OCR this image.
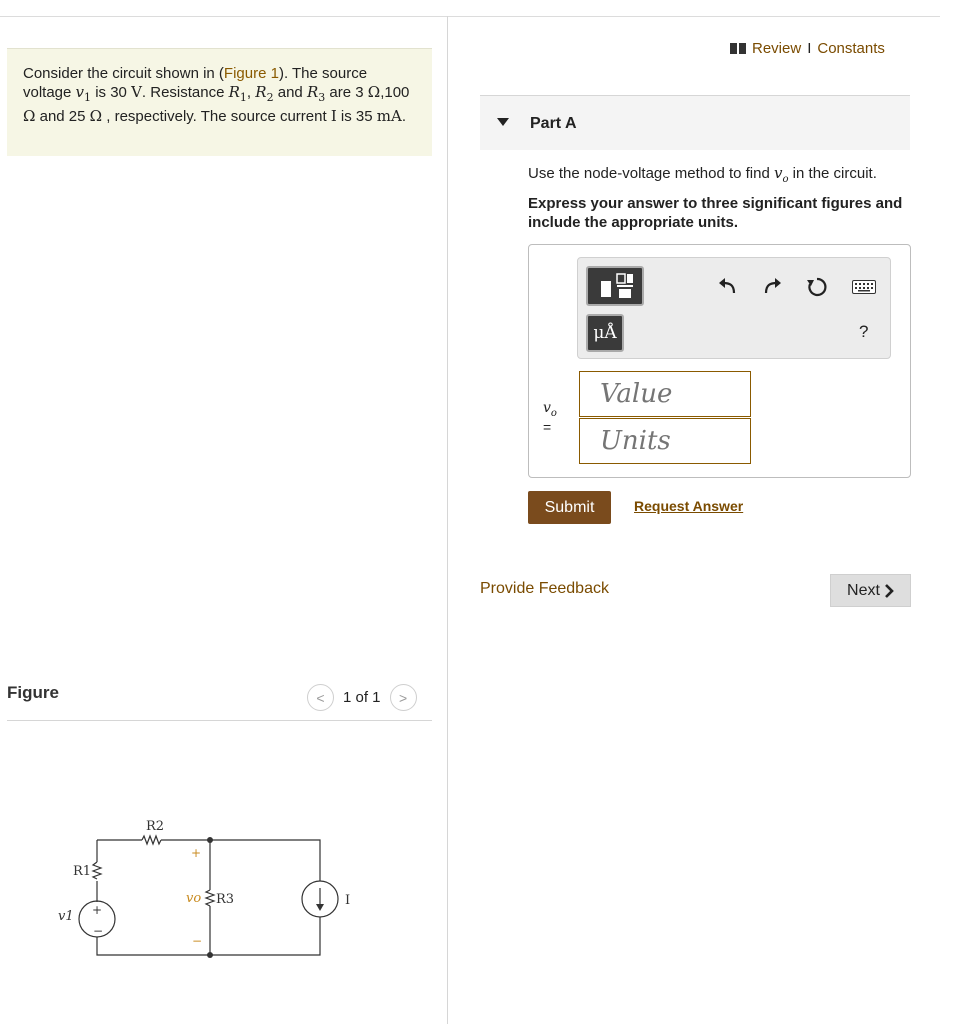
Consider the circuit shown in (Figure 1). The source voltage $v_1$ is 30 V. Resistance $R_1$, $R_2$ and $R_3$ are 3 Ω,100 Ω and 25 Ω , respectively. The source current I is 35 mA.
Figure	< 1 of 1 >
R2
R1
R3
v1
vo	I
+
−
+
−
Review I Constants
Part A
Use the node-voltage method to find $v_o$ in the circuit.
Express your answer to three significant figures and include the appropriate units.
μÅ	?
$v_o$
=
Value
Units
Submit	Request Answer
Provide Feedback	Next
